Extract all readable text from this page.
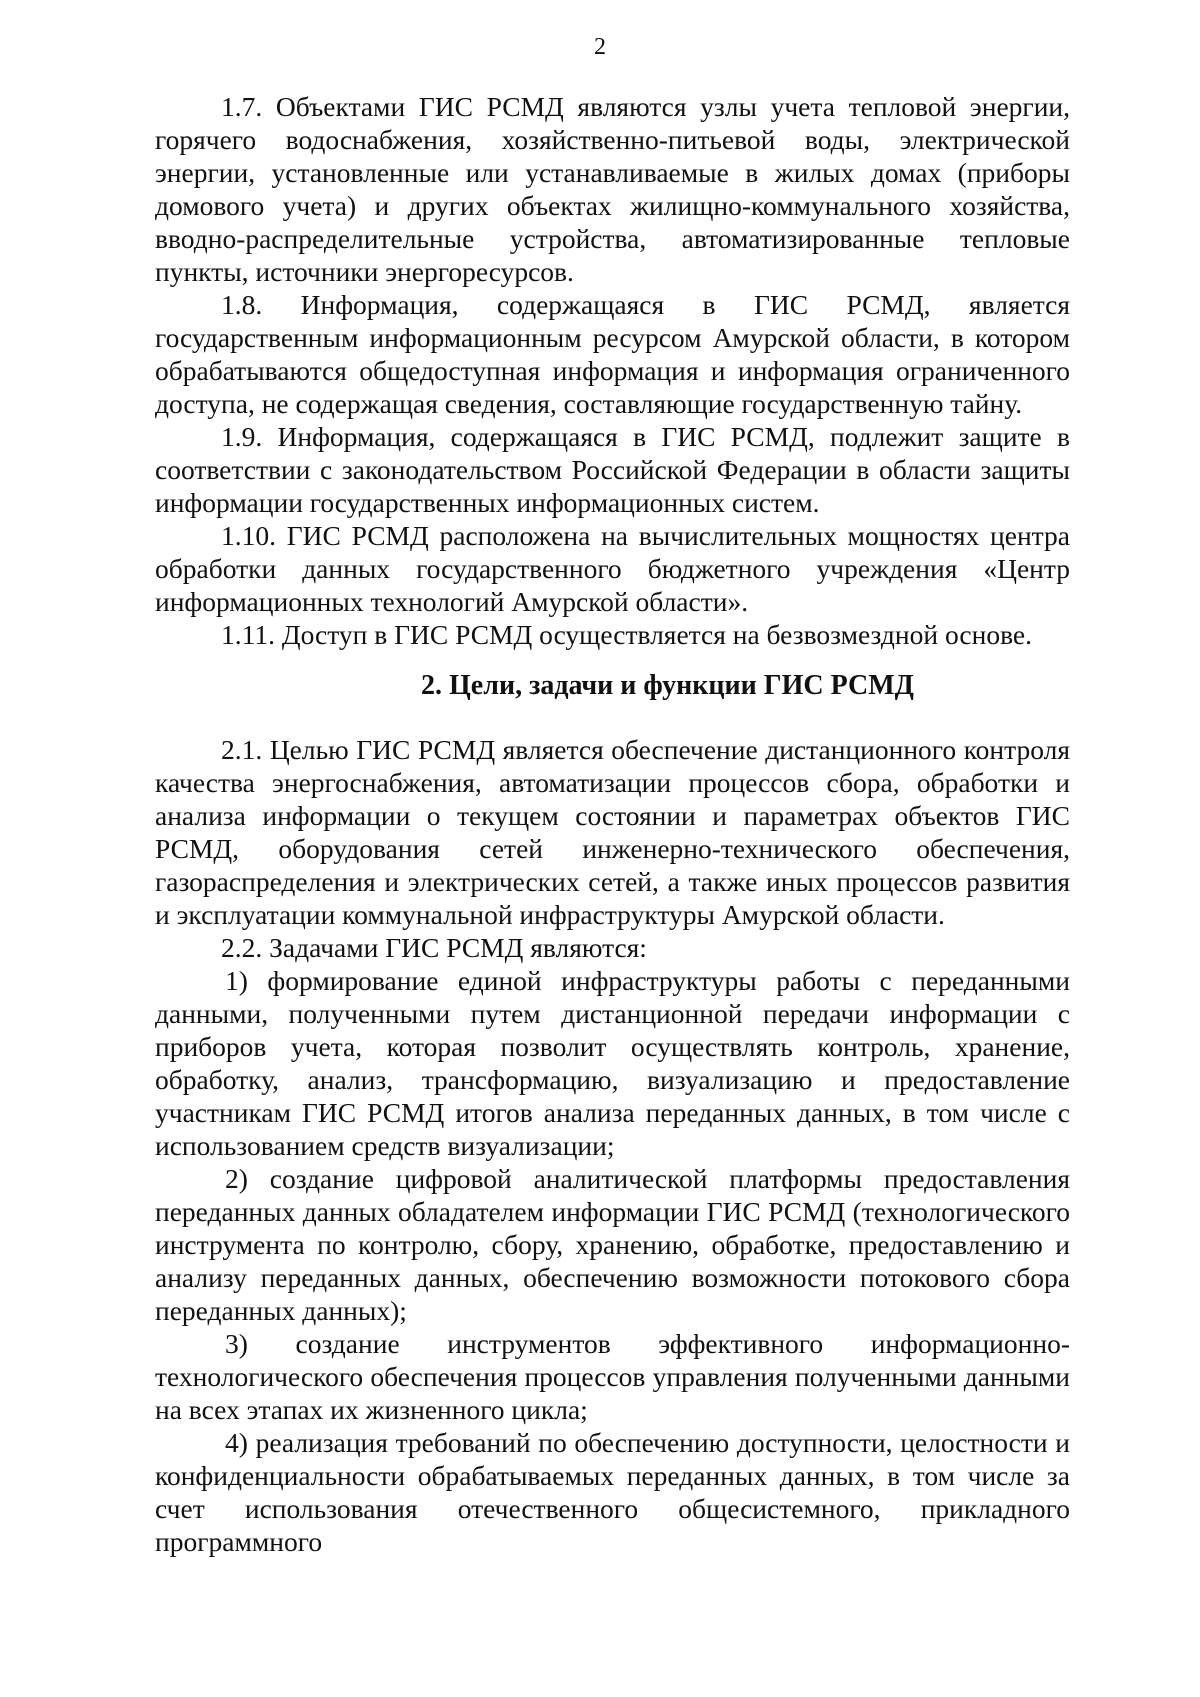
2

1.7. Объектами ГИС РСМД являются узлы учета тепловой энергии, горячего водоснабжения, хозяйственно-питьевой воды, электрической энергии, установленные или устанавливаемые в жилых домах (приборы домового учета) и других объектах жилищно-коммунального хозяйства, вводно-распределительные устройства, автоматизированные тепловые пункты, источники энергоресурсов.

1.8. Информация, содержащаяся в ГИС РСМД, является государственным информационным ресурсом Амурской области, в котором обрабатываются общедоступная информация и информация ограниченного доступа, не содержащая сведения, составляющие государственную тайну.

1.9. Информация, содержащаяся в ГИС РСМД, подлежит защите в соответствии с законодательством Российской Федерации в области защиты информации государственных информационных систем.

1.10. ГИС РСМД расположена на вычислительных мощностях центра обработки данных государственного бюджетного учреждения «Центр информационных технологий Амурской области».

1.11. Доступ в ГИС РСМД осуществляется на безвозмездной основе.

2. Цели, задачи и функции ГИС РСМД

2.1. Целью ГИС РСМД является обеспечение дистанционного контроля качества энергоснабжения, автоматизации процессов сбора, обработки и анализа информации о текущем состоянии и параметрах объектов ГИС РСМД, оборудования сетей инженерно-технического обеспечения, газораспределения и электрических сетей, а также иных процессов развития и эксплуатации коммунальной инфраструктуры Амурской области.

2.2. Задачами ГИС РСМД являются:

1) формирование единой инфраструктуры работы с переданными данными, полученными путем дистанционной передачи информации с приборов учета, которая позволит осуществлять контроль, хранение, обработку, анализ, трансформацию, визуализацию и предоставление участникам ГИС РСМД итогов анализа переданных данных, в том числе с использованием средств визуализации;

2) создание цифровой аналитической платформы предоставления переданных данных обладателем информации ГИС РСМД (технологического инструмента по контролю, сбору, хранению, обработке, предоставлению и анализу переданных данных, обеспечению возможности потокового сбора переданных данных);

3) создание инструментов эффективного информационно-технологического обеспечения процессов управления полученными данными на всех этапах их жизненного цикла;

4) реализация требований по обеспечению доступности, целостности и конфиденциальности обрабатываемых переданных данных, в том числе за счет использования отечественного общесистемного, прикладного программного
